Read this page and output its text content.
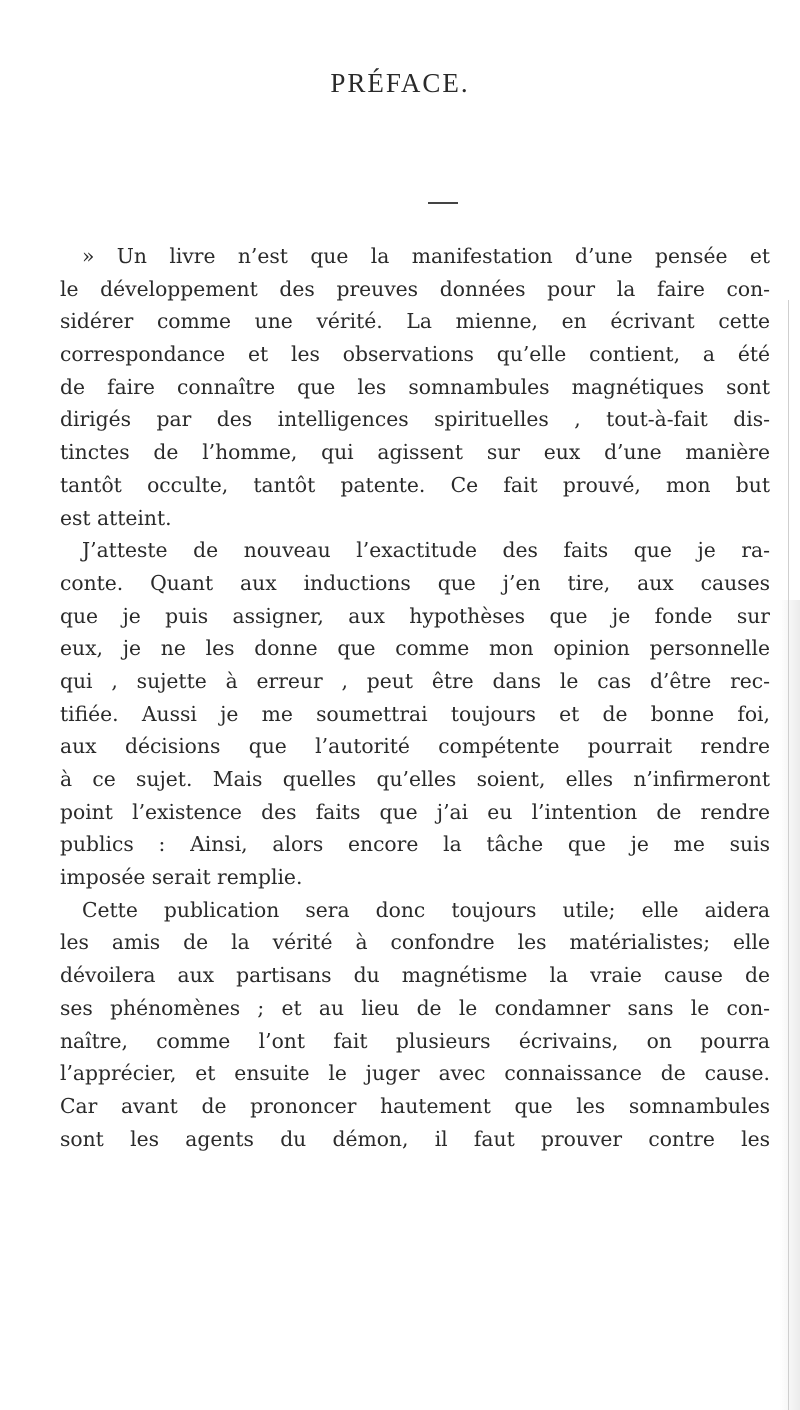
PRÉFACE.
» Un livre n’est que la manifestation d’une pensée et
le développement des preuves données pour la faire con-
sidérer comme une vérité. La mienne, en écrivant cette
correspondance et les observations qu’elle contient, a été
de faire connaître que les somnambules magnétiques sont
dirigés par des intelligences spirituelles , tout-à-fait dis-
tinctes de l’homme, qui agissent sur eux d’une manière
tantôt occulte, tantôt patente. Ce fait prouvé, mon but
est atteint.
J’atteste de nouveau l’exactitude des faits que je ra-
conte. Quant aux inductions que j’en tire, aux causes
que je puis assigner, aux hypothèses que je fonde sur
eux, je ne les donne que comme mon opinion personnelle
qui , sujette à erreur , peut être dans le cas d’être rec-
tifiée. Aussi je me soumettrai toujours et de bonne foi,
aux décisions que l’autorité compétente pourrait rendre
à ce sujet. Mais quelles qu’elles soient, elles n’infirmeront
point l’existence des faits que j’ai eu l’intention de rendre
publics : Ainsi, alors encore la tâche que je me suis
imposée serait remplie.
Cette publication sera donc toujours utile; elle aidera
les amis de la vérité à confondre les matérialistes; elle
dévoilera aux partisans du magnétisme la vraie cause de
ses phénomènes ; et au lieu de le condamner sans le con-
naître, comme l’ont fait plusieurs écrivains, on pourra
l’apprécier, et ensuite le juger avec connaissance de cause.
Car avant de prononcer hautement que les somnambules
sont les agents du démon, il faut prouver contre les
